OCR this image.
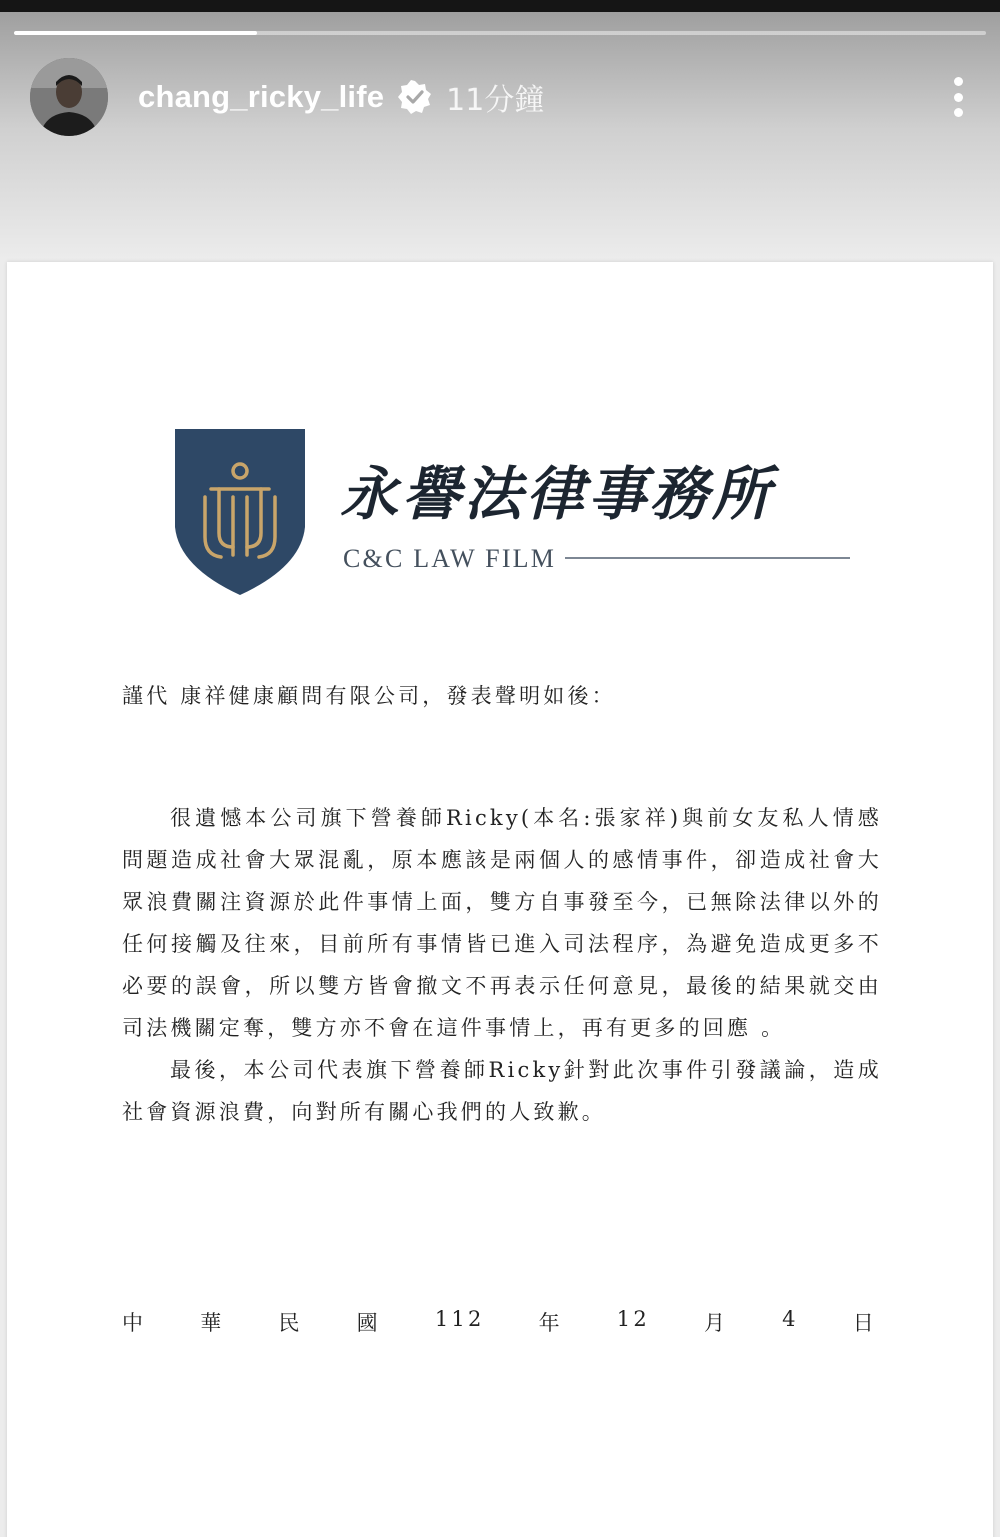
chang_ricky_life 11分鐘
永譽法律事務所
C&C LAW FILM
謹代 康祥健康顧問有限公司，發表聲明如後：
很遺憾本公司旗下營養師Ricky(本名:張家祥)與前女友私人情感問題造成社會大眾混亂，原本應該是兩個人的感情事件，卻造成社會大眾浪費關注資源於此件事情上面，雙方自事發至今，已無除法律以外的任何接觸及往來，目前所有事情皆已進入司法程序，為避免造成更多不必要的誤會，所以雙方皆會撤文不再表示任何意見，最後的結果就交由司法機關定奪，雙方亦不會在這件事情上，再有更多的回應 。
最後，本公司代表旗下營養師Ricky針對此次事件引發議論，造成社會資源浪費，向對所有關心我們的人致歉。
中	華	民	國	112	年	12	月	4	日
